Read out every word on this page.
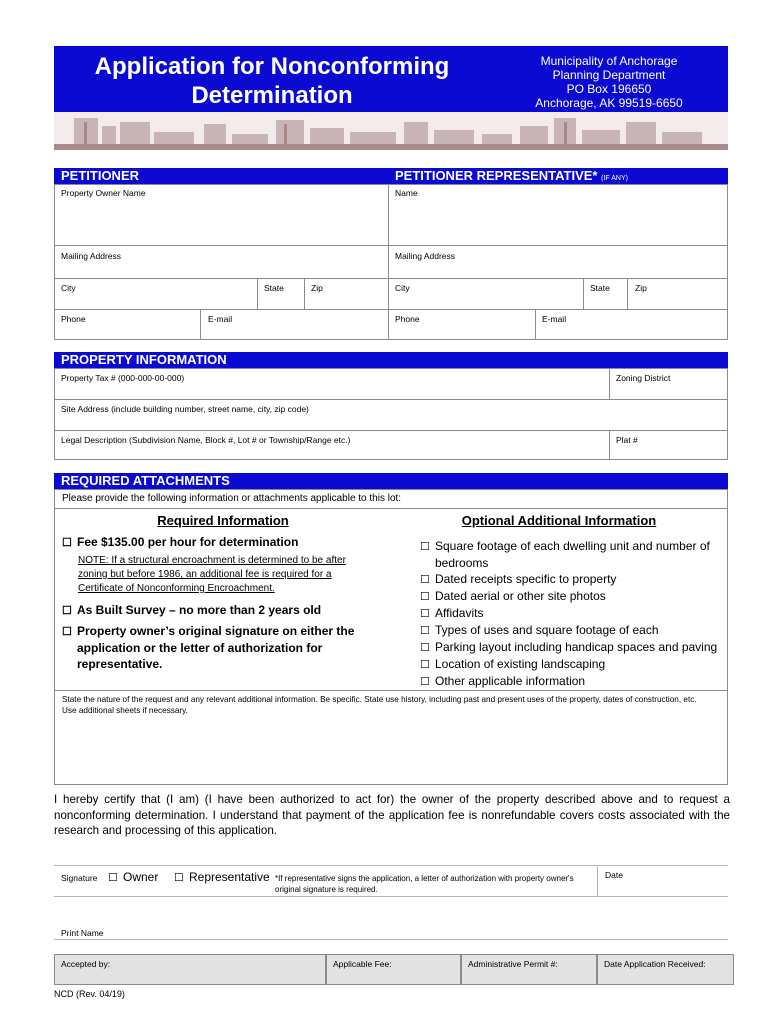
Application for Nonconforming
Determination
Municipality of Anchorage
Planning Department
PO Box 196650
Anchorage, AK 99519-6650
PETITIONER	PETITIONER REPRESENTATIVE* (IF ANY)
Property Owner Name
Mailing Address
City	State	Zip
Phone	E-mail
Name
Mailing Address
City	State	Zip
Phone	E-mail
PROPERTY INFORMATION
Property Tax # (000-000-00-000)	Zoning District
Site Address (include building number, street name, city, zip code)
Legal Description (Subdivision Name, Block #, Lot # or Township/Range etc.)	Plat #
REQUIRED ATTACHMENTS
Please provide the following information or attachments applicable to this lot:
Required Information	Optional Additional Information
☐ Fee $135.00 per hour for determination
NOTE: If a structural encroachment is determined to be after
zoning but before 1986, an additional fee is required for a
Certificate of Nonconforming Encroachment.
☐ As Built Survey – no more than 2 years old
☐ Property owner’s original signature on either the
application or the letter of authorization for
representative.
☐ Square footage of each dwelling unit and number of
bedrooms
☐ Dated receipts specific to property
☐ Dated aerial or other site photos
☐ Affidavits
☐ Types of uses and square footage of each
☐ Parking layout including handicap spaces and paving
☐ Location of existing landscaping
☐ Other applicable information
State the nature of the request and any relevant additional information. Be specific. State use history, including past and present uses of the property, dates of construction, etc.
Use additional sheets if necessary.
I hereby certify that (I am) (I have been authorized to act for) the owner of the property described above and to request a nonconforming determination. I understand that payment of the application fee is nonrefundable covers costs associated with the research and processing of this application.
Signature ☐ Owner ☐ Representative *If representative signs the application, a letter of authorization with property owner's
original signature is required.
Date
Print Name
Accepted by:	Applicable Fee:	Administrative Permit #:	Date Application Received:
NCD (Rev. 04/19)
